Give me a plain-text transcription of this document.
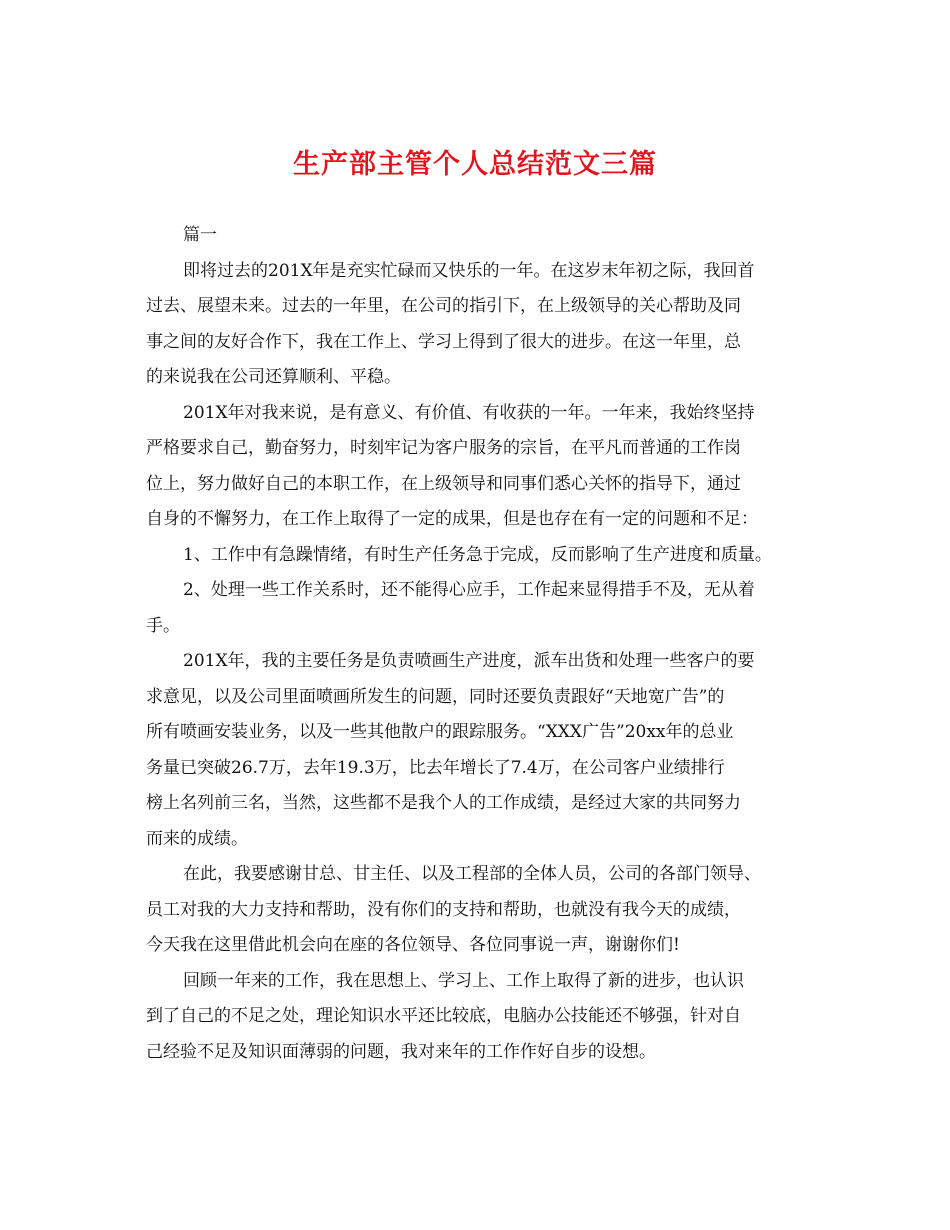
生产部主管个人总结范文三篇
篇一
即将过去的201X年是充实忙碌而又快乐的一年。在这岁末年初之际，我回首
过去、展望未来。过去的一年里，在公司的指引下，在上级领导的关心帮助及同
事之间的友好合作下，我在工作上、学习上得到了很大的进步。在这一年里，总
的来说我在公司还算顺利、平稳。
201X年对我来说，是有意义、有价值、有收获的一年。一年来，我始终坚持
严格要求自己，勤奋努力，时刻牢记为客户服务的宗旨，在平凡而普通的工作岗
位上，努力做好自己的本职工作，在上级领导和同事们悉心关怀的指导下，通过
自身的不懈努力，在工作上取得了一定的成果，但是也存在有一定的问题和不足：
1、工作中有急躁情绪，有时生产任务急于完成，反而影响了生产进度和质量。
2、处理一些工作关系时，还不能得心应手，工作起来显得措手不及，无从着
手。
201X年，我的主要任务是负责喷画生产进度，派车出货和处理一些客户的要
求意见，以及公司里面喷画所发生的问题，同时还要负责跟好“天地宽广告”的
所有喷画安装业务，以及一些其他散户的跟踪服务。“XXX广告”20xx年的总业
务量已突破26.7万，去年19.3万，比去年增长了7.4万，在公司客户业绩排行
榜上名列前三名，当然，这些都不是我个人的工作成绩，是经过大家的共同努力
而来的成绩。
在此，我要感谢甘总、甘主任、以及工程部的全体人员，公司的各部门领导、
员工对我的大力支持和帮助，没有你们的支持和帮助，也就没有我今天的成绩，
今天我在这里借此机会向在座的各位领导、各位同事说一声，谢谢你们!
回顾一年来的工作，我在思想上、学习上、工作上取得了新的进步，也认识
到了自己的不足之处，理论知识水平还比较底，电脑办公技能还不够强，针对自
己经验不足及知识面薄弱的问题，我对来年的工作作好自步的设想。
